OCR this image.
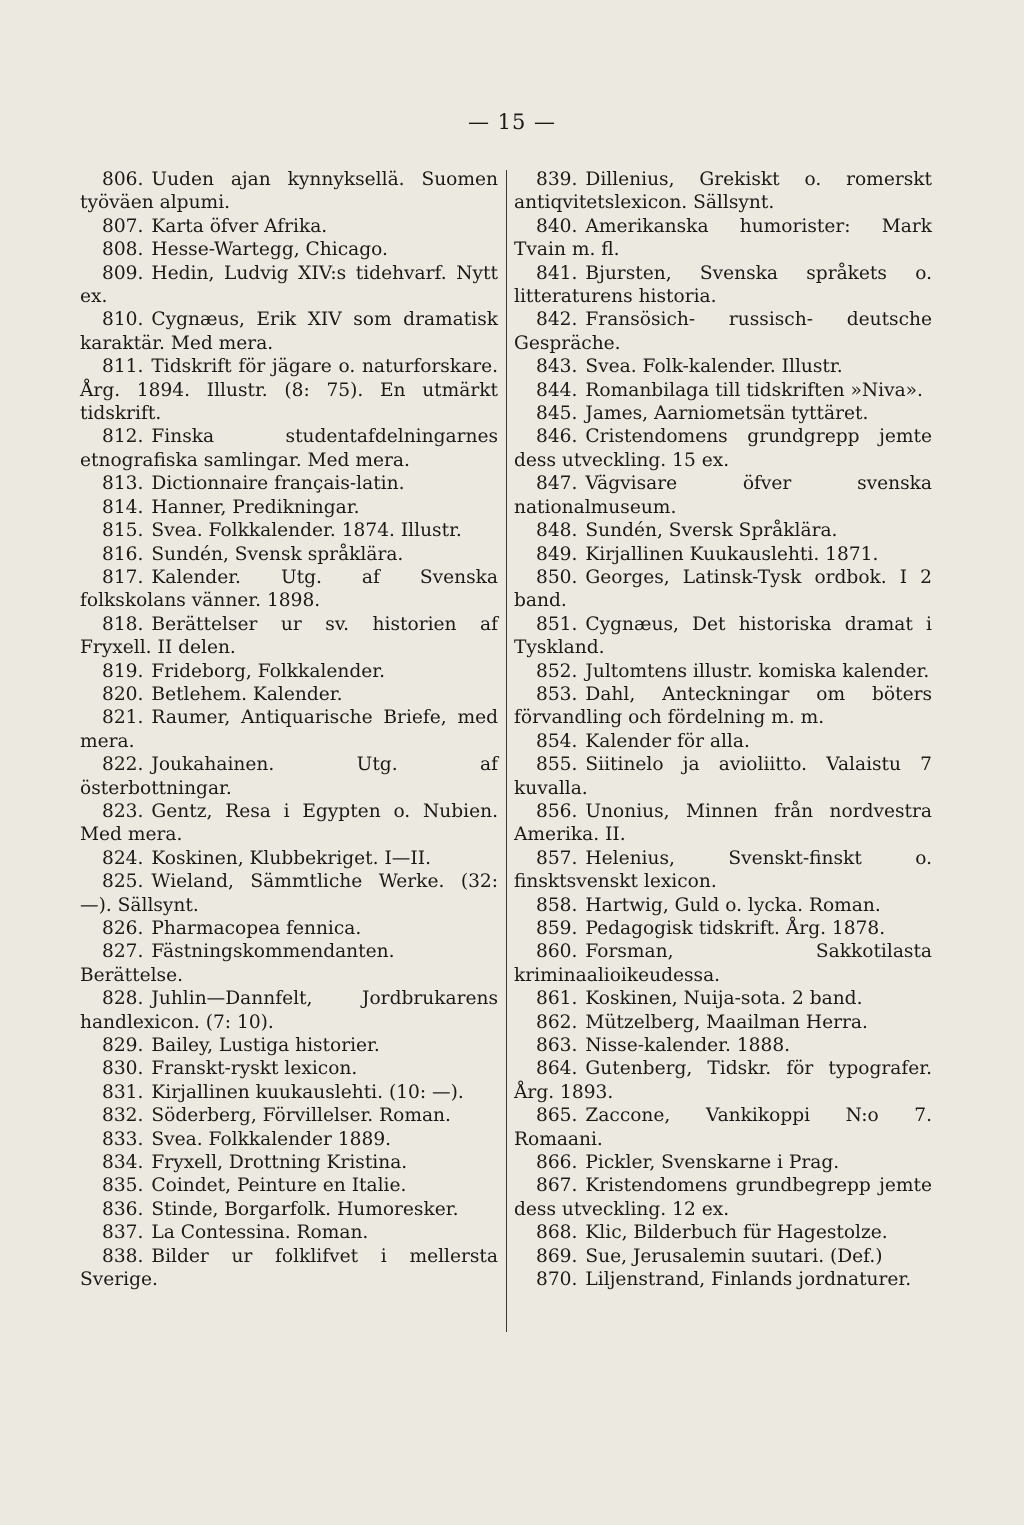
— 15 —

806. Uuden ajan kynnyksellä. Suomen työväen alpumi.

807. Karta öfver Afrika.

808. Hesse-Wartegg, Chicago.

809. Hedin, Ludvig XIV:s tidehvarf. Nytt ex.

810. Cygnæus, Erik XIV som dramatisk karaktär. Med mera.

811. Tidskrift för jägare o. naturforskare. Årg. 1894. Illustr. (8: 75). En utmärkt tidskrift.

812. Finska studentafdelningarnes etnografiska samlingar. Med mera.

813. Dictionnaire français-latin.

814. Hanner, Predikningar.

815. Svea. Folkkalender. 1874. Illustr.

816. Sundén, Svensk språklära.

817. Kalender. Utg. af Svenska folkskolans vänner. 1898.

818. Berättelser ur sv. historien af Fryxell. II delen.

819. Frideborg, Folkkalender.

820. Betlehem. Kalender.

821. Raumer, Antiquarische Briefe, med mera.

822. Joukahainen. Utg. af österbottningar.

823. Gentz, Resa i Egypten o. Nubien. Med mera.

824. Koskinen, Klubbekriget. I—II.

825. Wieland, Sämmtliche Werke. (32: —). Sällsynt.

826. Pharmacopea fennica.

827. Fästningskommendanten. Berättelse.

828. Juhlin—Dannfelt, Jordbrukarens handlexicon. (7: 10).

829. Bailey, Lustiga historier.

830. Franskt-ryskt lexicon.

831. Kirjallinen kuukauslehti. (10: —).

832. Söderberg, Förvillelser. Roman.

833. Svea. Folkkalender 1889.

834. Fryxell, Drottning Kristina.

835. Coindet, Peinture en Italie.

836. Stinde, Borgarfolk. Humoresker.

837. La Contessina. Roman.

838. Bilder ur folklifvet i mellersta Sverige.

839. Dillenius, Grekiskt o. romerskt antiqvitetslexicon. Sällsynt.

840. Amerikanska humorister: Mark Tvain m. fl.

841. Bjursten, Svenska språkets o. litteraturens historia.

842. Fransösich- russisch- deutsche Gespräche.

843. Svea. Folk-kalender. Illustr.

844. Romanbilaga till tidskriften »Niva».

845. James, Aarniometsän tyttäret.

846. Cristendomens grundgrepp jemte dess utveckling. 15 ex.

847. Vägvisare öfver svenska nationalmuseum.

848. Sundén, Sversk Språklära.

849. Kirjallinen Kuukauslehti. 1871.

850. Georges, Latinsk-Tysk ordbok. I 2 band.

851. Cygnæus, Det historiska dramat i Tyskland.

852. Jultomtens illustr. komiska kalender.

853. Dahl, Anteckningar om böters förvandling och fördelning m. m.

854. Kalender för alla.

855. Siitinelo ja avioliitto. Valaistu 7 kuvalla.

856. Unonius, Minnen från nordvestra Amerika. II.

857. Helenius, Svenskt-finskt o. finsktsvenskt lexicon.

858. Hartwig, Guld o. lycka. Roman.

859. Pedagogisk tidskrift. Årg. 1878.

860. Forsman, Sakkotilasta kriminaalioikeudessa.

861. Koskinen, Nuija-sota. 2 band.

862. Mützelberg, Maailman Herra.

863. Nisse-kalender. 1888.

864. Gutenberg, Tidskr. för typografer. Årg. 1893.

865. Zaccone, Vankikoppi N:o 7. Romaani.

866. Pickler, Svenskarne i Prag.

867. Kristendomens grundbegrepp jemte dess utveckling. 12 ex.

868. Klic, Bilderbuch für Hagestolze.

869. Sue, Jerusalemin suutari. (Def.)

870. Liljenstrand, Finlands jordnaturer.
